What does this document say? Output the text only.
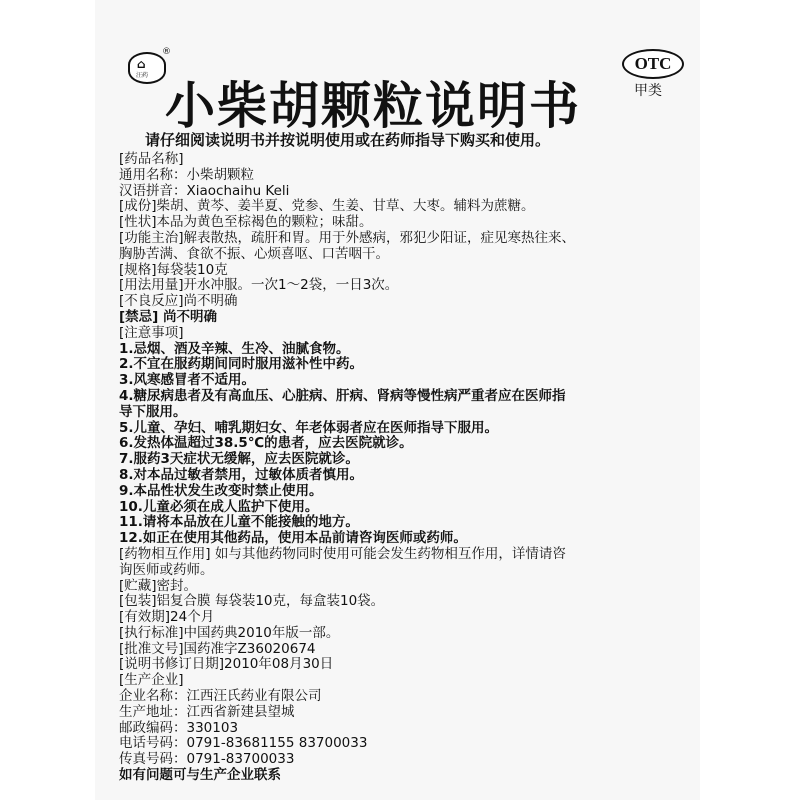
⌂
汪药
®
OTC
甲类
小柴胡颗粒说明书
请仔细阅读说明书并按说明使用或在药师指导下购买和使用。
[药品名称]
通用名称：小柴胡颗粒
汉语拼音：Xiaochaihu Keli
[成份]柴胡、黄芩、姜半夏、党参、生姜、甘草、大枣。辅料为蔗糖。
[性状]本品为黄色至棕褐色的颗粒；味甜。
[功能主治]解表散热，疏肝和胃。用于外感病，邪犯少阳证，症见寒热往来、
胸胁苦满、食欲不振、心烦喜呕、口苦咽干。
[规格]每袋装10克
[用法用量]开水冲服。一次1～2袋，一日3次。
[不良反应]尚不明确
[禁忌] 尚不明确
[注意事项]
1.忌烟、酒及辛辣、生冷、油腻食物。
2.不宜在服药期间同时服用滋补性中药。
3.风寒感冒者不适用。
4.糖尿病患者及有高血压、心脏病、肝病、肾病等慢性病严重者应在医师指
导下服用。
5.儿童、孕妇、哺乳期妇女、年老体弱者应在医师指导下服用。
6.发热体温超过38.5℃的患者，应去医院就诊。
7.服药3天症状无缓解，应去医院就诊。
8.对本品过敏者禁用，过敏体质者慎用。
9.本品性状发生改变时禁止使用。
10.儿童必须在成人监护下使用。
11.请将本品放在儿童不能接触的地方。
12.如正在使用其他药品，使用本品前请咨询医师或药师。
[药物相互作用] 如与其他药物同时使用可能会发生药物相互作用，详情请咨
询医师或药师。
[贮藏]密封。
[包装]铝复合膜 每袋装10克，每盒装10袋。
[有效期]24个月
[执行标准]中国药典2010年版一部。
[批准文号]国药准字Z36020674
[说明书修订日期]2010年08月30日
[生产企业]
企业名称：江西汪氏药业有限公司
生产地址：江西省新建县望城
邮政编码：330103
电话号码：0791-83681155 83700033
传真号码：0791-83700033
如有问题可与生产企业联系
